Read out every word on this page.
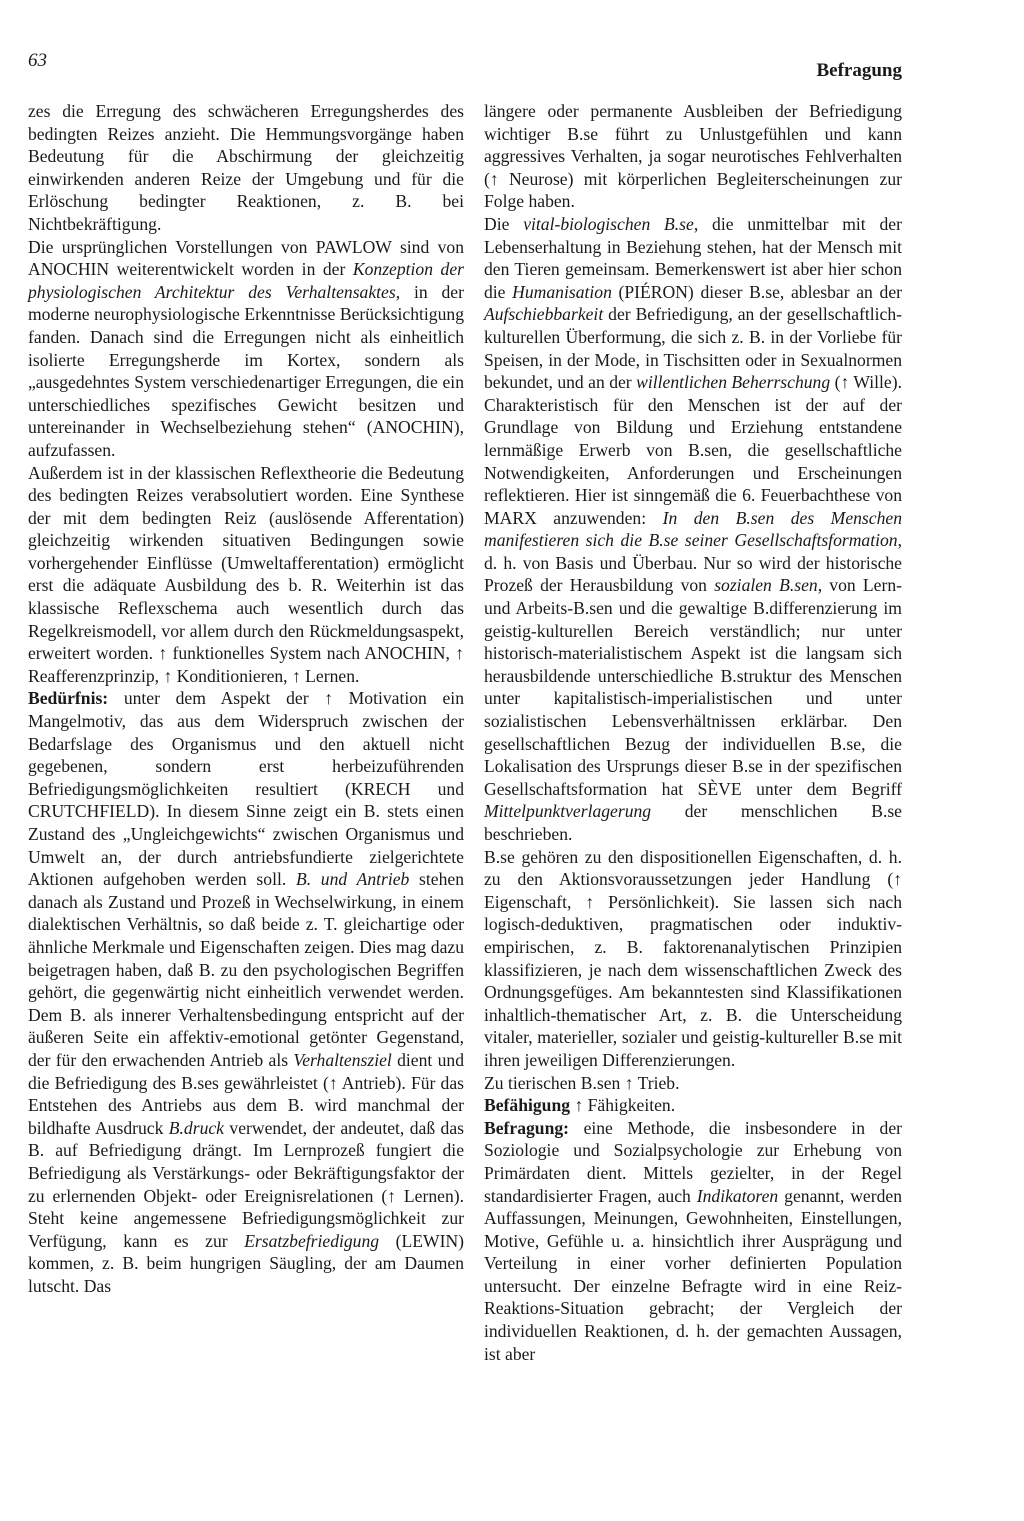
63	Befragung

zes die Erregung des schwächeren Erregungsherdes des bedingten Reizes anzieht. Die Hemmungsvorgänge haben Bedeutung für die Abschirmung der gleichzeitig einwirkenden anderen Reize der Umgebung und für die Erlöschung bedingter Reaktionen, z. B. bei Nichtbekräftigung.

Die ursprünglichen Vorstellungen von PAWLOW sind von ANOCHIN weiterentwickelt worden in der Konzeption der physiologischen Architektur des Verhaltensaktes, in der moderne neurophysiologische Erkenntnisse Berücksichtigung fanden. Danach sind die Erregungen nicht als einheitlich isolierte Erregungsherde im Kortex, sondern als „ausgedehntes System verschiedenartiger Erregungen, die ein unterschiedliches spezifisches Gewicht besitzen und untereinander in Wechselbeziehung stehen“ (ANOCHIN), aufzufassen.

Außerdem ist in der klassischen Reflextheorie die Bedeutung des bedingten Reizes verabsolutiert worden. Eine Synthese der mit dem bedingten Reiz (auslösende Afferentation) gleichzeitig wirkenden situativen Bedingungen sowie vorhergehender Einflüsse (Umweltafferentation) ermöglicht erst die adäquate Ausbildung des b. R. Weiterhin ist das klassische Reflexschema auch wesentlich durch das Regelkreismodell, vor allem durch den Rückmeldungsaspekt, erweitert worden. ↑ funktionelles System nach ANOCHIN, ↑ Reafferenzprinzip, ↑ Konditionieren, ↑ Lernen.

Bedürfnis: unter dem Aspekt der ↑ Motivation ein Mangelmotiv, das aus dem Widerspruch zwischen der Bedarfslage des Organismus und den aktuell nicht gegebenen, sondern erst herbeizuführenden Befriedigungsmöglichkeiten resultiert (KRECH und CRUTCHFIELD). In diesem Sinne zeigt ein B. stets einen Zustand des „Ungleichgewichts“ zwischen Organismus und Umwelt an, der durch antriebsfundierte zielgerichtete Aktionen aufgehoben werden soll. B. und Antrieb stehen danach als Zustand und Prozeß in Wechselwirkung, in einem dialektischen Verhältnis, so daß beide z. T. gleichartige oder ähnliche Merkmale und Eigenschaften zeigen. Dies mag dazu beigetragen haben, daß B. zu den psychologischen Begriffen gehört, die gegenwärtig nicht einheitlich verwendet werden. Dem B. als innerer Verhaltensbedingung entspricht auf der äußeren Seite ein affektiv-emotional getönter Gegenstand, der für den erwachenden Antrieb als Verhaltensziel dient und die Befriedigung des B.ses gewährleistet (↑ Antrieb). Für das Entstehen des Antriebs aus dem B. wird manchmal der bildhafte Ausdruck B.druck verwendet, der andeutet, daß das B. auf Befriedigung drängt. Im Lernprozeß fungiert die Befriedigung als Verstärkungs- oder Bekräftigungsfaktor der zu erlernenden Objekt- oder Ereignisrelationen (↑ Lernen). Steht keine angemessene Befriedigungsmöglichkeit zur Verfügung, kann es zur Ersatzbefriedigung (LEWIN) kommen, z. B. beim hungrigen Säugling, der am Daumen lutscht. Das

längere oder permanente Ausbleiben der Befriedigung wichtiger B.se führt zu Unlustgefühlen und kann aggressives Verhalten, ja sogar neurotisches Fehlverhalten (↑ Neurose) mit körperlichen Begleiterscheinungen zur Folge haben.

Die vital-biologischen B.se, die unmittelbar mit der Lebenserhaltung in Beziehung stehen, hat der Mensch mit den Tieren gemeinsam. Bemerkenswert ist aber hier schon die Humanisation (PIÉRON) dieser B.se, ablesbar an der Aufschiebbarkeit der Befriedigung, an der gesellschaftlich-kulturellen Überformung, die sich z. B. in der Vorliebe für Speisen, in der Mode, in Tischsitten oder in Sexualnormen bekundet, und an der willentlichen Beherrschung (↑ Wille). Charakteristisch für den Menschen ist der auf der Grundlage von Bildung und Erziehung entstandene lernmäßige Erwerb von B.sen, die gesellschaftliche Notwendigkeiten, Anforderungen und Erscheinungen reflektieren. Hier ist sinngemäß die 6. Feuerbachthese von MARX anzuwenden: In den B.sen des Menschen manifestieren sich die B.se seiner Gesellschaftsformation, d. h. von Basis und Überbau. Nur so wird der historische Prozeß der Herausbildung von sozialen B.sen, von Lern- und Arbeits-B.sen und die gewaltige B.differenzierung im geistig-kulturellen Bereich verständlich; nur unter historisch-materialistischem Aspekt ist die langsam sich herausbildende unterschiedliche B.struktur des Menschen unter kapitalistisch-imperialistischen und unter sozialistischen Lebensverhältnissen erklärbar. Den gesellschaftlichen Bezug der individuellen B.se, die Lokalisation des Ursprungs dieser B.se in der spezifischen Gesellschaftsformation hat SÈVE unter dem Begriff Mittelpunktverlagerung der menschlichen B.se beschrieben.

B.se gehören zu den dispositionellen Eigenschaften, d. h. zu den Aktionsvoraussetzungen jeder Handlung (↑ Eigenschaft, ↑ Persönlichkeit). Sie lassen sich nach logisch-deduktiven, pragmatischen oder induktiv-empirischen, z. B. faktorenanalytischen Prinzipien klassifizieren, je nach dem wissenschaftlichen Zweck des Ordnungsgefüges. Am bekanntesten sind Klassifikationen inhaltlich-thematischer Art, z. B. die Unterscheidung vitaler, materieller, sozialer und geistig-kultureller B.se mit ihren jeweiligen Differenzierungen.

Zu tierischen B.sen ↑ Trieb.

Befähigung ↑ Fähigkeiten.

Befragung: eine Methode, die insbesondere in der Soziologie und Sozialpsychologie zur Erhebung von Primärdaten dient. Mittels gezielter, in der Regel standardisierter Fragen, auch Indikatoren genannt, werden Auffassungen, Meinungen, Gewohnheiten, Einstellungen, Motive, Gefühle u. a. hinsichtlich ihrer Ausprägung und Verteilung in einer vorher definierten Population untersucht. Der einzelne Befragte wird in eine Reiz-Reaktions-Situation gebracht; der Vergleich der individuellen Reaktionen, d. h. der gemachten Aussagen, ist aber
